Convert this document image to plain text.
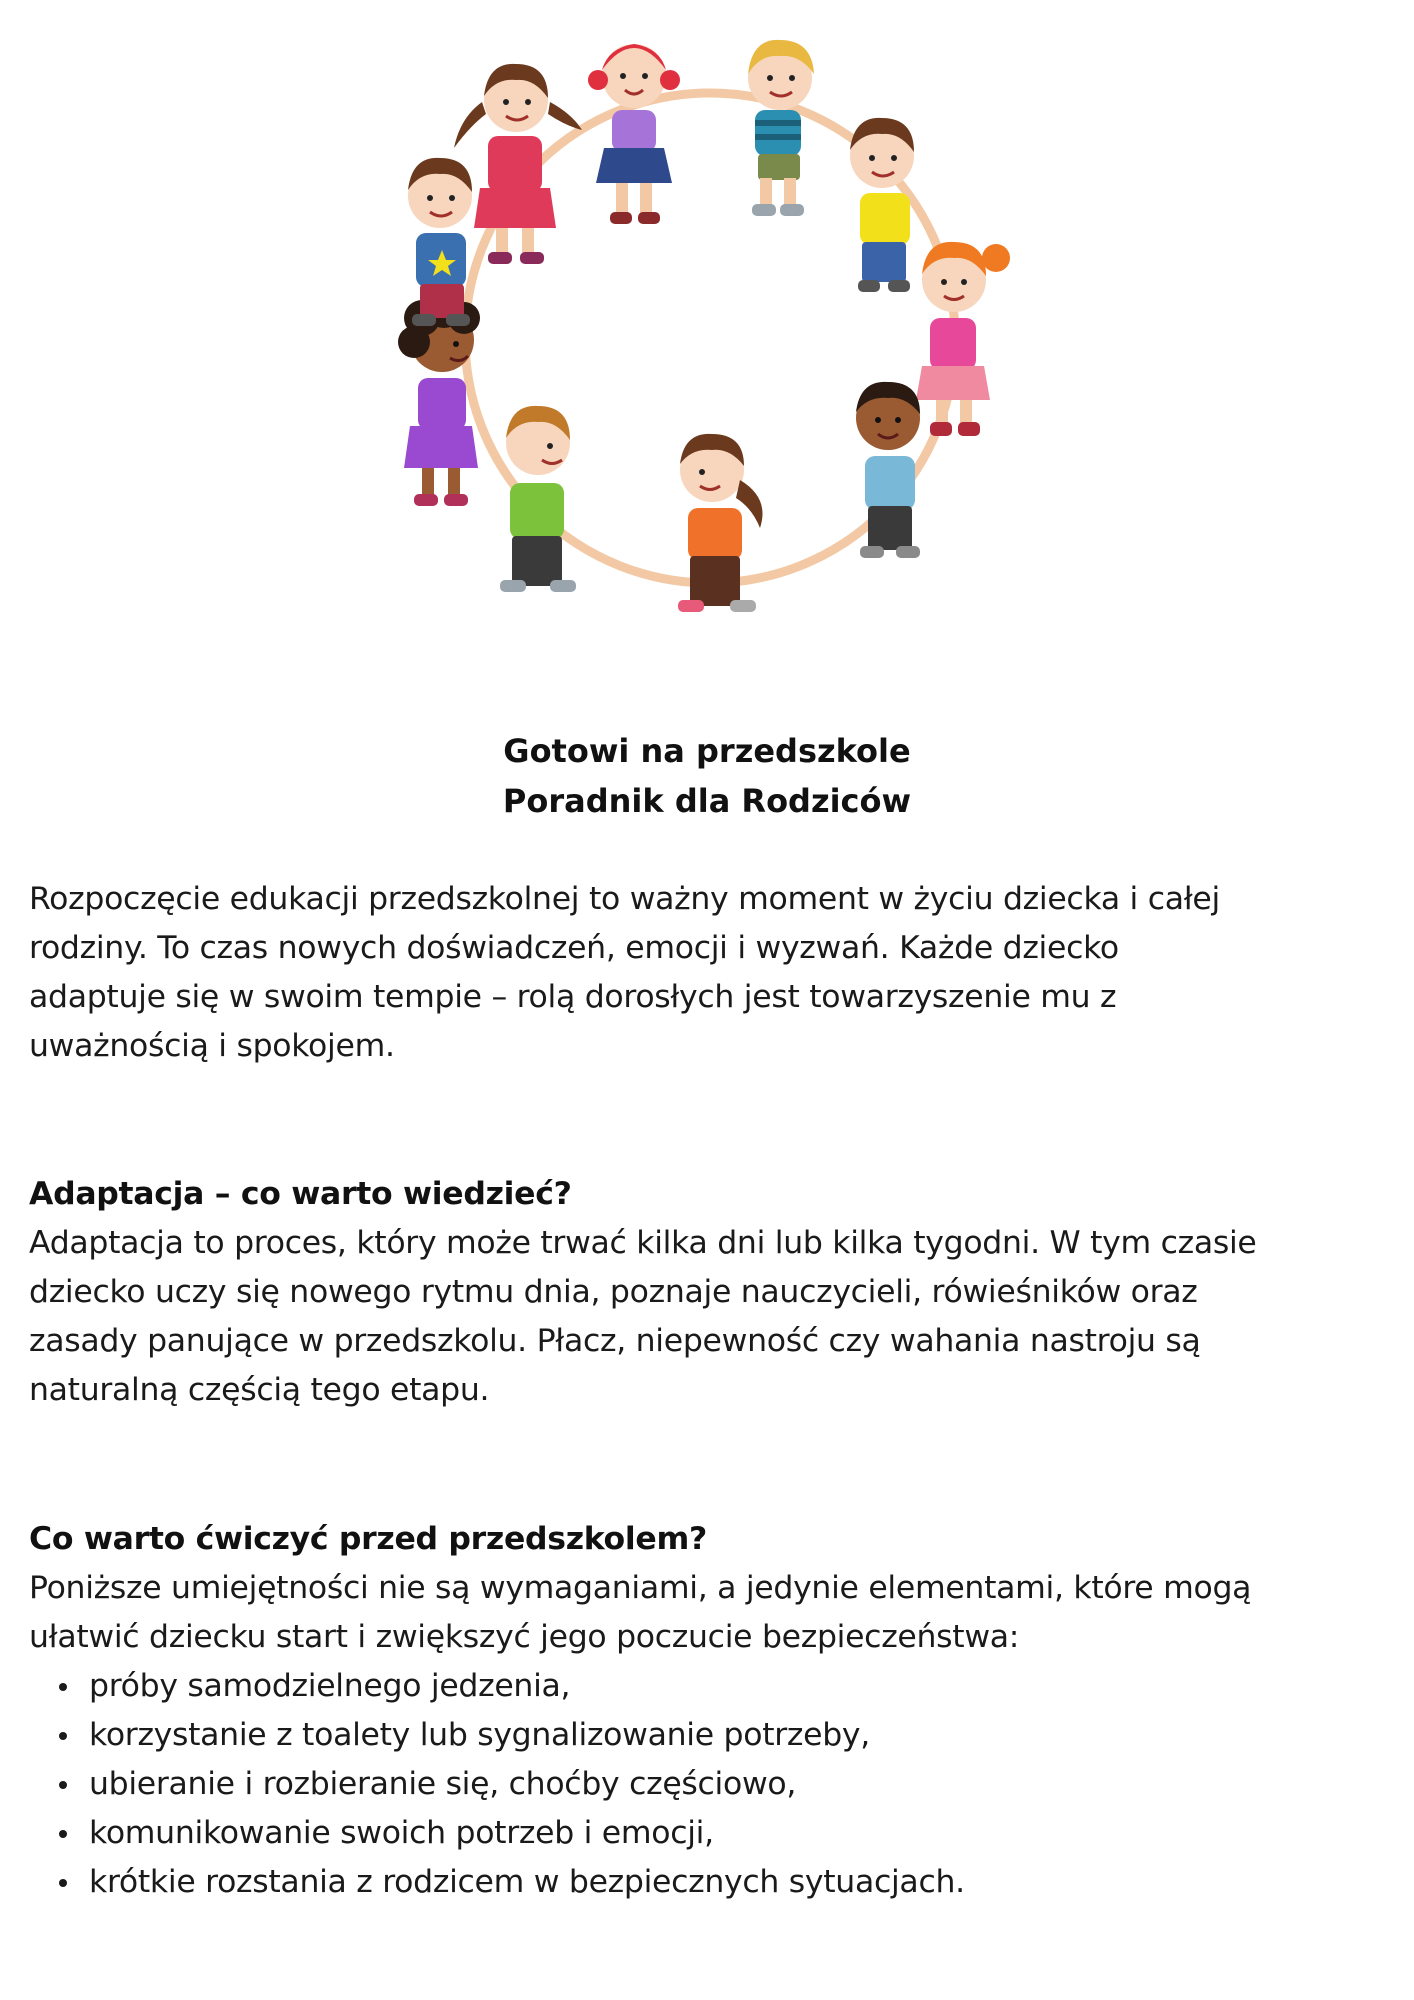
Gotowi na przedszkole
Poradnik dla Rodziców
Rozpoczęcie edukacji przedszkolnej to ważny moment w życiu dziecka i całej
rodziny. To czas nowych doświadczeń, emocji i wyzwań. Każde dziecko
adaptuje się w swoim tempie – rolą dorosłych jest towarzyszenie mu z
uważnością i spokojem.
Adaptacja – co warto wiedzieć?
Adaptacja to proces, który może trwać kilka dni lub kilka tygodni. W tym czasie
dziecko uczy się nowego rytmu dnia, poznaje nauczycieli, rówieśników oraz
zasady panujące w przedszkolu. Płacz, niepewność czy wahania nastroju są
naturalną częścią tego etapu.
Co warto ćwiczyć przed przedszkolem?
Poniższe umiejętności nie są wymaganiami, a jedynie elementami, które mogą
ułatwić dziecku start i zwiększyć jego poczucie bezpieczeństwa:
próby samodzielnego jedzenia,
korzystanie z toalety lub sygnalizowanie potrzeby,
ubieranie i rozbieranie się, choćby częściowo,
komunikowanie swoich potrzeb i emocji,
krótkie rozstania z rodzicem w bezpiecznych sytuacjach.
